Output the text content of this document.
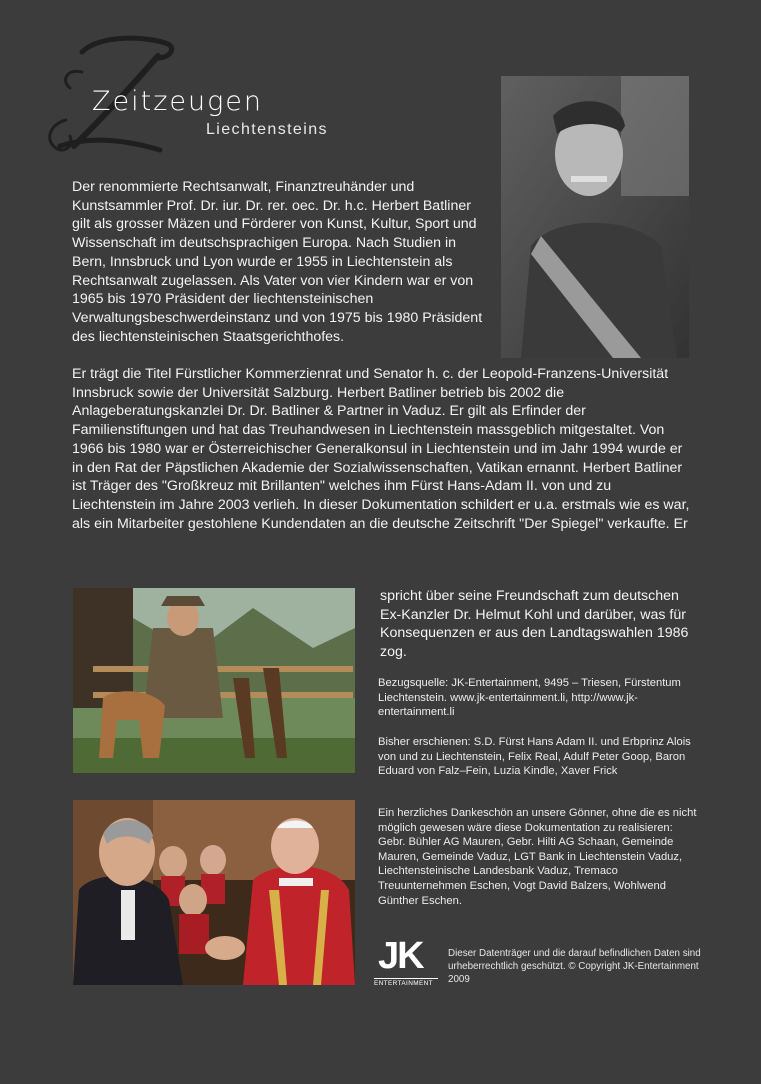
Zeitzeugen
Liechtensteins

Der renommierte Rechtsanwalt, Finanztreuhänder und Kunstsammler Prof. Dr. iur. Dr. rer. oec. Dr. h.c. Herbert Batliner gilt als grosser Mäzen und Förderer von Kunst, Kultur, Sport und Wissenschaft im deutschsprachigen Europa. Nach Studien in Bern, Innsbruck und Lyon wurde er 1955 in Liechtenstein als Rechtsanwalt zugelassen. Als Vater von vier Kindern war er von 1965 bis 1970 Präsident der liechtensteinischen Verwaltungsbeschwerdeinstanz und von 1975 bis 1980 Präsident des liechtensteinischen Staatsgerichthofes.

Er trägt die Titel Fürstlicher Kommerzienrat und Senator h. c. der Leopold-Franzens-Universität Innsbruck sowie der Universität Salzburg. Herbert Batliner betrieb bis 2002 die Anlageberatungskanzlei Dr. Dr. Batliner & Partner in Vaduz. Er gilt als Erfinder der Familienstiftungen und hat das Treuhandwesen in Liechtenstein massgeblich mitgestaltet. Von 1966 bis 1980 war er Österreichischer Generalkonsul in Liechtenstein und im Jahr 1994 wurde er in den Rat der Päpstlichen Akademie der Sozialwissenschaften, Vatikan ernannt. Herbert Batliner ist Träger des "Großkreuz mit Brillanten" welches ihm Fürst Hans-Adam II. von und zu Liechtenstein im Jahre 2003 verlieh. In dieser Dokumentation schildert er u.a. erstmals wie es war, als ein Mitarbeiter gestohlene Kundendaten an die deutsche Zeitschrift "Der Spiegel" verkaufte. Er

spricht über seine Freundschaft zum deutschen Ex-Kanzler Dr. Helmut Kohl und darüber, was für Konsequenzen er aus den Landtagswahlen 1986 zog.

Bezugsquelle: JK-Entertainment, 9495 – Triesen, Fürstentum Liechtenstein. www.jk-entertainment.li, http://www.jk-entertainment.li

Bisher erschienen: S.D. Fürst Hans Adam II. und Erbprinz Alois von und zu Liechtenstein, Felix Real, Adulf Peter Goop, Baron Eduard von Falz–Fein, Luzia Kindle, Xaver Frick

Ein herzliches Dankeschön an unsere Gönner, ohne die es nicht möglich gewesen wäre diese Dokumentation zu realisieren: Gebr. Bühler AG Mauren, Gebr. Hilti AG Schaan, Gemeinde Mauren, Gemeinde Vaduz, LGT Bank in Liechtenstein Vaduz, Liechtensteinische Landesbank Vaduz, Tremaco Treuunternehmen Eschen, Vogt David Balzers, Wohlwend Günther Eschen.

JK
ENTERTAINMENT

Dieser Datenträger und die darauf befindlichen Daten sind urheberrechtlich geschützt. © Copyright JK-Entertainment 2009
